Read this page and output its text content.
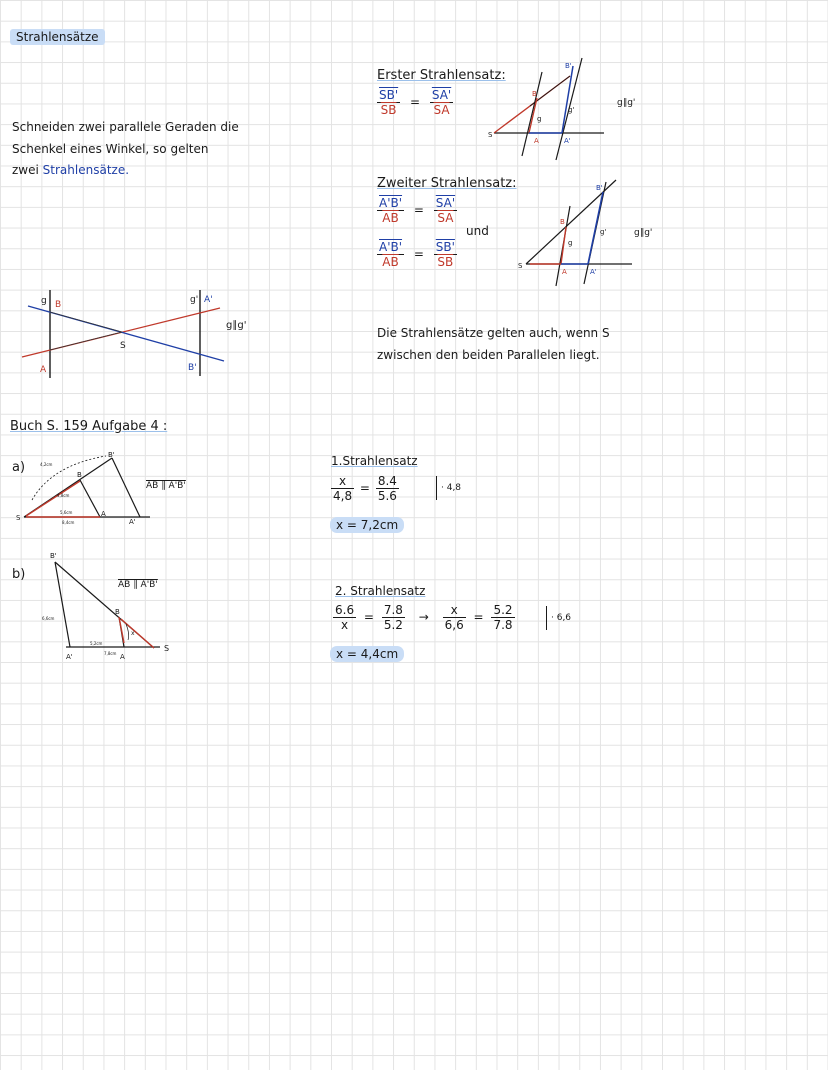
Strahlensätze
Schneiden zwei parallele Geraden die
Schenkel eines Winkel, so gelten
zwei Strahlensätze.
g B
A
S
g' A'
B'
g∥g'
Erster Strahlensatz:
$\frac{SB'}{SB} = \frac{SA'}{SA}$
B'
B
g'
g
S
A	A'
g∥g'
Zweiter Strahlensatz:
$\frac{A'B'}{AB} = \frac{SA'}{SA}$
und
$\frac{A'B'}{AB} = \frac{SB'}{SB}$
B'
B
g'
g
S
A	A'
g∥g'
Die Strahlensätze gelten auch, wenn S
zwischen den beiden Parallelen liegt.
Buch S. 159 Aufgabe 4 :
a)
B'
B
A
S	A'
4,2cm
4,8cm
5,6cm
8,4cm
AB ∥ A'B'
1.Strahlensatz
$\frac{x}{4,8} = \frac{8.4}{5.6}$	· 4,8
x = 7,2cm
b)
B'
B
A
A'
S
6,6cm
5,2cm
7,8cm
x
AB ∥ A'B'	2. Strahlensatz
$\frac{6.6}{x} = \frac{7.8}{5.2} \to \frac{x}{6,6} = \frac{5.2}{7.8}$	· 6,6
x = 4,4cm
